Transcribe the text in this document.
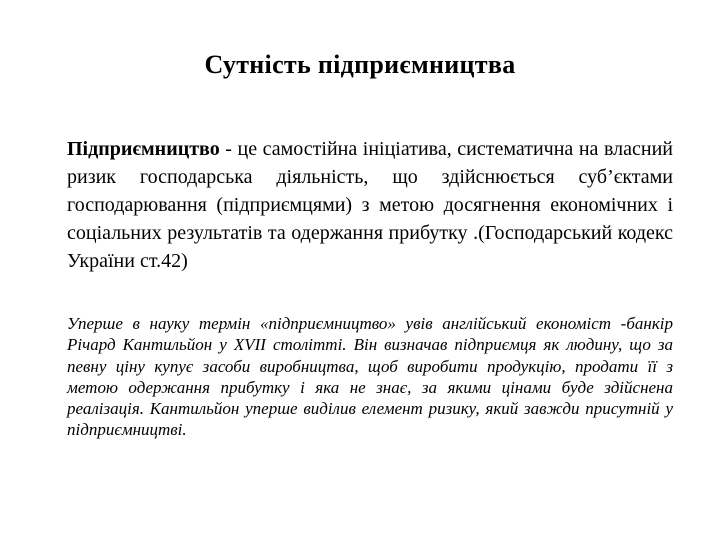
Сутність підприємництва

Підприємництво - це самостійна ініціатива, систематична на власний ризик господарська діяльність, що здійснюється суб’єктами господарювання (підприємцями) з метою досягнення економічних і соціальних результатів та одержання прибутку .(Господарський кодекс України ст.42)

Уперше в науку термін «підприємництво» увів англійський економіст -банкір Річард Кантильйон у XVII столітті. Він визначав підприємця як людину, що за певну ціну купує засоби виробництва, щоб виробити продукцію, продати її з метою одержання прибутку і яка не знає, за якими цінами буде здійснена реалізація. Кантильйон уперше виділив елемент ризику, який завжди присутній у підприємництві.
